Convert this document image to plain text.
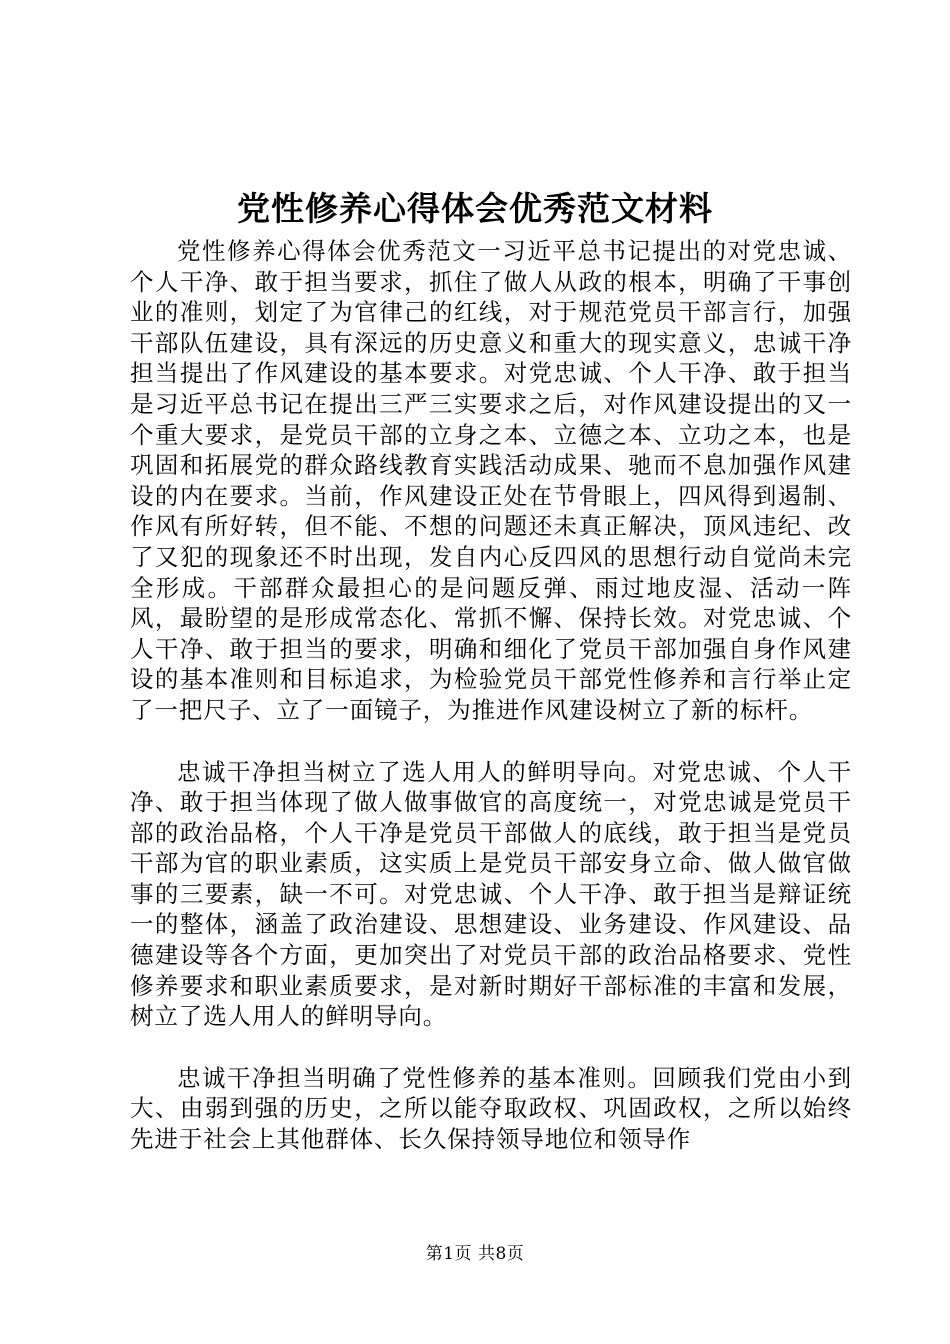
党性修养心得体会优秀范文材料

党性修养心得体会优秀范文一习近平总书记提出的对党忠诚、个人干净、敢于担当要求，抓住了做人从政的根本，明确了干事创业的准则，划定了为官律己的红线，对于规范党员干部言行，加强干部队伍建设，具有深远的历史意义和重大的现实意义，忠诚干净担当提出了作风建设的基本要求。对党忠诚、个人干净、敢于担当是习近平总书记在提出三严三实要求之后，对作风建设提出的又一个重大要求，是党员干部的立身之本、立德之本、立功之本，也是巩固和拓展党的群众路线教育实践活动成果、驰而不息加强作风建设的内在要求。当前，作风建设正处在节骨眼上，四风得到遏制、作风有所好转，但不能、不想的问题还未真正解决，顶风违纪、改了又犯的现象还不时出现，发自内心反四风的思想行动自觉尚未完全形成。干部群众最担心的是问题反弹、雨过地皮湿、活动一阵风，最盼望的是形成常态化、常抓不懈、保持长效。对党忠诚、个人干净、敢于担当的要求，明确和细化了党员干部加强自身作风建设的基本准则和目标追求，为检验党员干部党性修养和言行举止定了一把尺子、立了一面镜子，为推进作风建设树立了新的标杆。

忠诚干净担当树立了选人用人的鲜明导向。对党忠诚、个人干净、敢于担当体现了做人做事做官的高度统一，对党忠诚是党员干部的政治品格，个人干净是党员干部做人的底线，敢于担当是党员干部为官的职业素质，这实质上是党员干部安身立命、做人做官做事的三要素，缺一不可。对党忠诚、个人干净、敢于担当是辩证统一的整体，涵盖了政治建设、思想建设、业务建设、作风建设、品德建设等各个方面，更加突出了对党员干部的政治品格要求、党性修养要求和职业素质要求，是对新时期好干部标准的丰富和发展，树立了选人用人的鲜明导向。

忠诚干净担当明确了党性修养的基本准则。回顾我们党由小到大、由弱到强的历史，之所以能夺取政权、巩固政权，之所以始终先进于社会上其他群体、长久保持领导地位和领导作

第1页 共8页
